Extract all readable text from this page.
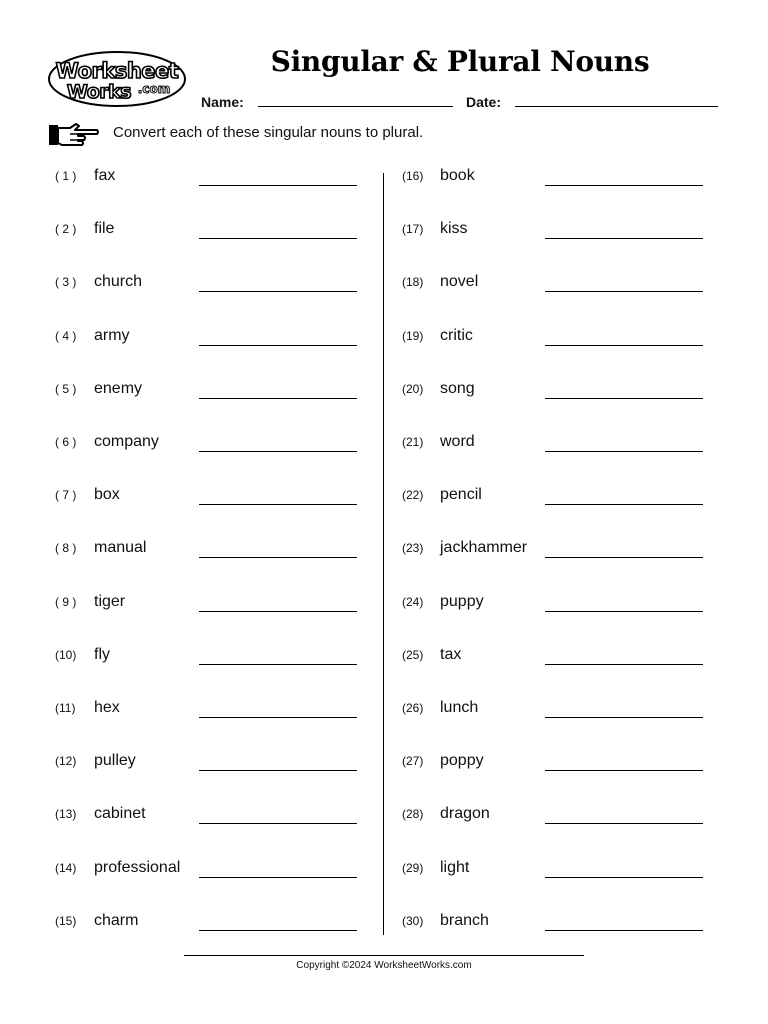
Worksheet
Works .com
Singular & Plural Nouns
Name:	Date:
Convert each of these singular nouns to plural.
( 1 ) fax
( 2 ) file
( 3 ) church
( 4 ) army
( 5 ) enemy
( 6 ) company
( 7 ) box
( 8 ) manual
( 9 ) tiger
(10) fly
(11) hex
(12) pulley
(13) cabinet
(14) professional
(15) charm
(16) book
(17) kiss
(18) novel
(19) critic
(20) song
(21) word
(22) pencil
(23) jackhammer
(24) puppy
(25) tax
(26) lunch
(27) poppy
(28) dragon
(29) light
(30) branch
Copyright ©2024 WorksheetWorks.com
